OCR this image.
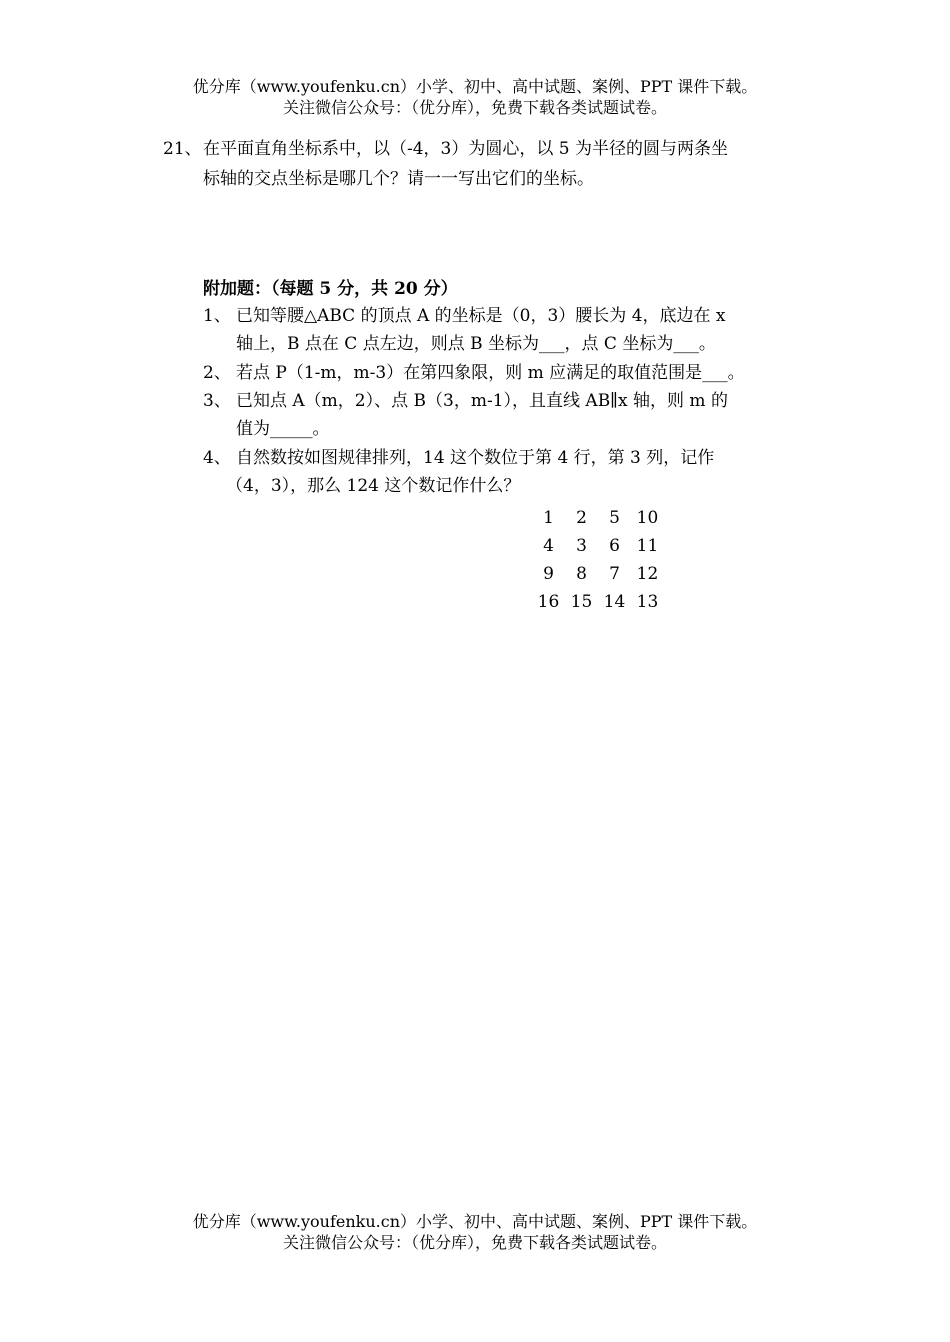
优分库（www.youfenku.cn）小学、初中、高中试题、案例、PPT 课件下载。
关注微信公众号：（优分库），免费下载各类试题试卷。
21、 在平面直角坐标系中，以（-4，3）为圆心，以 5 为半径的圆与两条坐
标轴的交点坐标是哪几个？请一一写出它们的坐标。
附加题：（每题 5 分，共 20 分）
1、 已知等腰△ABC 的顶点 A 的坐标是（0，3）腰长为 4，底边在 x
轴上，B 点在 C 点左边，则点 B 坐标为___，点 C 坐标为___。
2、 若点 P（1-m，m-3）在第四象限，则 m 应满足的取值范围是___。
3、 已知点 A（m，2）、点 B（3，m-1），且直线 AB∥x 轴，则 m 的
值为_____。
4、 自然数按如图规律排列，14 这个数位于第 4 行，第 3 列，记作
（4，3），那么 124 这个数记作什么？
1	2	5 10
4	3	6 11
9	8	7 12
16 15 14 13
优分库（www.youfenku.cn）小学、初中、高中试题、案例、PPT 课件下载。
关注微信公众号：（优分库），免费下载各类试题试卷。
